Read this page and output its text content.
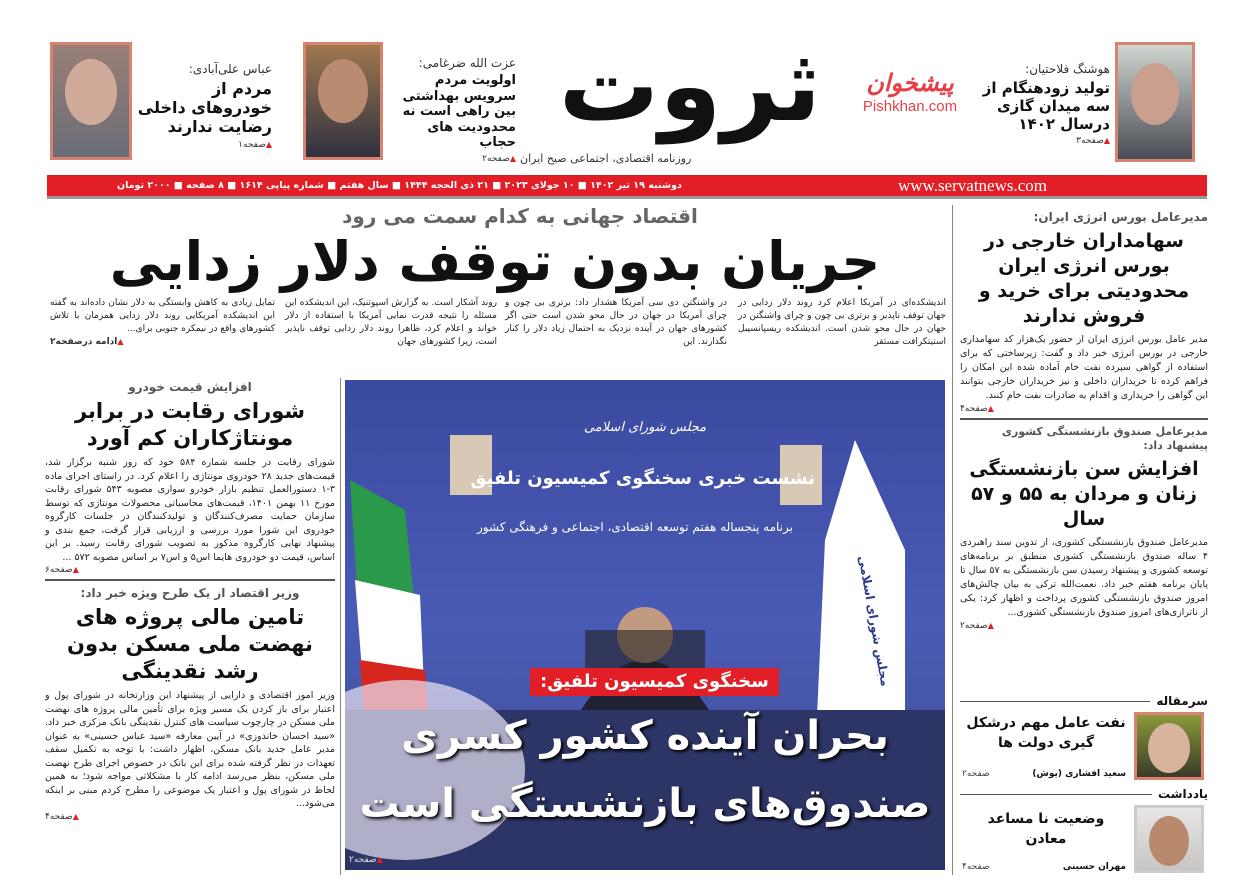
ثروت
روزنامه اقتصادی، اجتماعی صبح ایران
پیشخوان
Pishkhan.com
هوشنگ فلاحتیان:
تولید زودهنگام از سه میدان گازی درسال ۱۴۰۲
▲ صفحه۳
عزت الله ضرغامی:
اولویت مردم سرویس بهداشتی بین راهی است نه محدودیت های حجاب
▲ صفحه۲
عباس علی‌آبادی:
مردم از خودروهای داخلی رضایت ندارند
▲ صفحه۱
www.servatnews.com
دوشنبه ۱۹ تیر ۱۴۰۲ ■ ۱۰ جولای ۲۰۲۳ ■ ۲۱ ذی الحجه ۱۴۴۴ ■ سال هفتم ■ شماره پیاپی ۱۶۱۴ ■ ۸ صفحه ■ ۲۰۰۰ تومان
اقتصاد جهانی به کدام سمت می رود
جریان بدون توقف دلار زدایی
اندیشکده‌ای در آمریکا اعلام کرد روند دلار زدایی در جهان توقف ناپذیر و برتری بی چون و چرای واشنگتن در جهان در حال محو شدن است. اندیشکده ریسپانسیبل استیتکرافت مستقر
در واشنگتن دی سی آمریکا هشدار داد: برتری بی چون و چرای آمریکا در جهان در حال محو شدن است حتی اگر کشورهای جهان در آینده نزدیک به احتمال زیاد دلار را کنار نگذارند. این
روند آشکار است. به گزارش اسپوتنیک، این اندیشکده این مسئله را نتیجه قدرت نمایی آمریکا با استفاده از دلار خواند و اعلام کرد، ظاهرا روند دلار زدایی توقف ناپذیر است، زیرا کشورهای جهان
تمایل زیادی به کاهش وابستگی به دلار نشان داده‌اند به گفته این اندیشکده آمریکایی روند دلار زدایی همزمان با تلاش کشورهای واقع در نیمکره جنوبی برای...
▲ ادامه درصفحه۲
مجلس شورای اسلامی
نشست خبری سخنگوی کمیسیون تلفیق
برنامه پنجساله هفتم توسعه اقتصادی، اجتماعی و فرهنگی کشور
مجلس شورای اسلامی
سخنگوی کمیسیون تلفیق:
بحران آینده کشور کسری
صندوق‌های بازنشستگی است
▲ صفحه۲
افزایش قیمت خودرو
شورای رقابت در برابر مونتاژکاران کم آورد
شورای رقابت در جلسه شماره ۵۸۴ خود که روز شنبه برگزار شد، قیمت‌های جدید ۲۸ خودروی مونتاژی را اعلام کرد. در راستای اجرای ماده ۳-۱ دستورالعمل تنظیم بازار خودرو سواری مصوبه ۵۴۳ شورای رقابت مورخ ۱۱ بهمن ۱۴۰۱، قیمت‌های محاسباتی محصولات مونتاژی که توسط سازمان حمایت مصرف‌کنندگان و تولیدکنندگان در جلسات کارگروه خودروی این شورا مورد بررسی و ارزیابی قرار گرفت، جمع بندی و پیشنهاد نهایی کارگروه مذکور به تصویب شورای رقابت رسید. بر این اساس، قیمت دو خودروی هایما اس۵ و اس۷ بر اساس مصوبه ۵۷۲ ...
▲ صفحه۶
وزیر اقتصاد از یک طرح ویژه خبر داد:
تامین مالی پروژه های نهضت ملی مسکن بدون رشد نقدینگی
وزیر امور اقتصادی و دارایی از پیشنهاد این وزارتخانه در شورای پول و اعتبار برای باز کردن یک مسیر ویژه برای تأمین مالی پروژه های نهضت ملی مسکن در چارچوب سیاست های کنترل نقدینگی بانک مرکزی خبر داد. «سید احسان خاندوزی» در آیین معارفه «سید عباس حسینی» به عنوان مدیر عامل جدید بانک مسکن، اظهار داشت: با توجه به تکمیل سقف تعهدات در نظر گرفته شده برای این بانک در خصوص اجرای طرح نهضت ملی مسکن، بنظر می‌رسد ادامه کار با مشکلاتی مواجه شود؛ به همین لحاظ در شورای پول و اعتبار یک موضوعی را مطرح کردم مبنی بر اینکه می‌شود...
▲ صفحه۴
مدیرعامل بورس انرژی ایران:
سهامداران خارجی در بورس انرژی ایران محدودیتی برای خرید و فروش ندارند
مدیر عامل بورس انرژی ایران از حضور یک‌هزار کد سهامداری خارجی در بورس انرژی خبر داد و گفت: زیرساختی که برای استفاده از گواهی سپرده نفت خام آماده شده این امکان را فراهم کرده تا خریداران داخلی و نیز خریداران خارجی بتوانند این گواهی را خریداری و اقدام به صادرات نفت خام کنند.
▲ صفحه۴
مدیرعامل صندوق بازنشستگی کشوری پیشنهاد داد:
افزایش سن بازنشستگی زنان و مردان به ۵۵ و ۵۷ سال
مدیرعامل صندوق بازنشستگی کشوری، از تدوین سند راهبردی ۴ ساله صندوق بازنشستگی کشوری منطبق بر برنامه‌های توسعه کشوری و پیشنهاد رسیدن سن بازنشستگی به ۵۷ سال تا پایان برنامه هفتم خبر داد. نعمت‌الله ترکی به بیان چالش‌های امروز صندوق بازنشستگی کشوری پرداخت و اظهار کرد: یکی از ناترازی‌های امروز صندوق بازنشستگی کشوری...
▲ صفحه۲
سرمقاله
نفت عامل مهم درشکل گیری دولت ها
سعید افشاری (یوش)
صفحه۲
یادداشت
وضعیت نا مساعد معادن
مهران حسینی
صفحه۴
